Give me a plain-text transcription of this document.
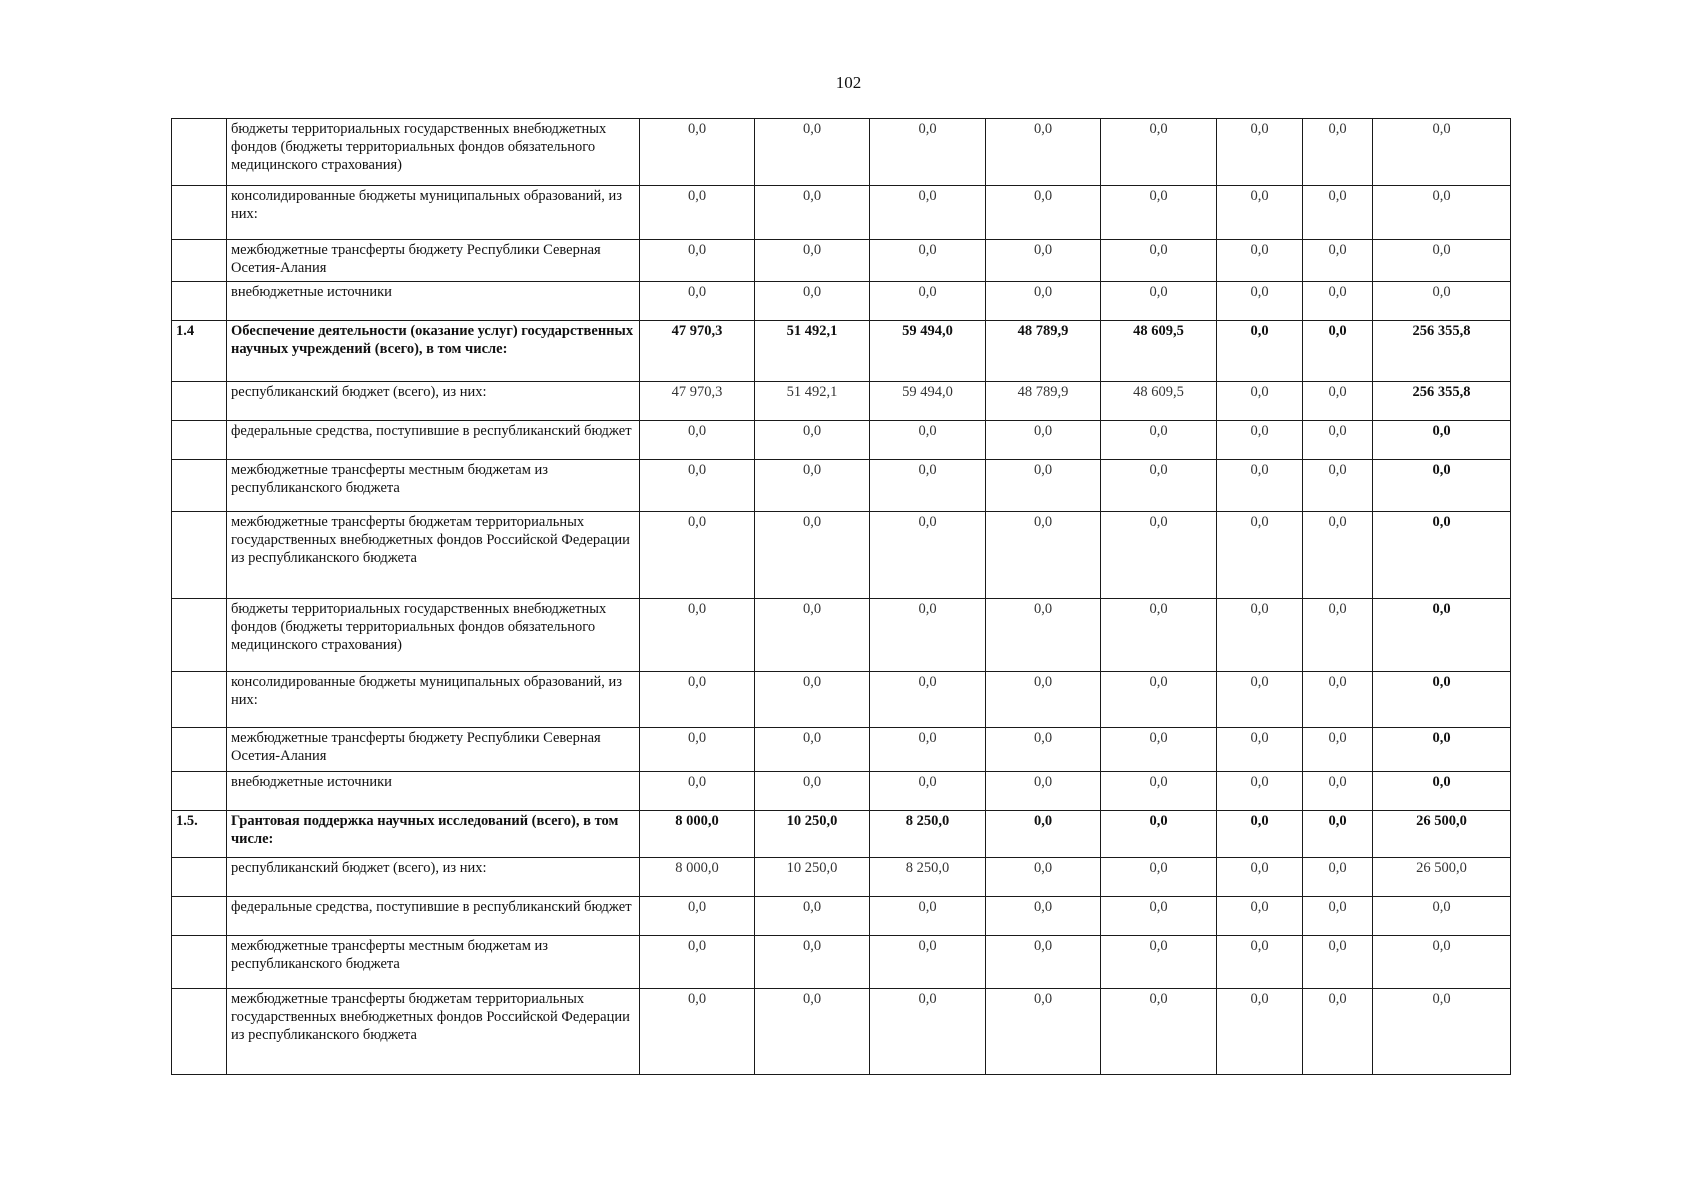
102
	бюджеты территориальных государственных внебюджетных фондов (бюджеты территориальных фондов обязательного медицинского страхования)	0,0	0,0	0,0	0,0	0,0	0,0	0,0	0,0
	консолидированные бюджеты муниципальных образований, из них:	0,0	0,0	0,0	0,0	0,0	0,0	0,0	0,0
	межбюджетные трансферты бюджету Республики Северная Осетия-Алания	0,0	0,0	0,0	0,0	0,0	0,0	0,0	0,0
	внебюджетные источники	0,0	0,0	0,0	0,0	0,0	0,0	0,0	0,0
1.4	Обеспечение деятельности (оказание услуг) государственных научных учреждений (всего), в том числе:	47 970,3	51 492,1	59 494,0	48 789,9	48 609,5	0,0	0,0	256 355,8
	республиканский бюджет (всего), из них:	47 970,3	51 492,1	59 494,0	48 789,9	48 609,5	0,0	0,0	256 355,8
	федеральные средства, поступившие в республиканский бюджет	0,0	0,0	0,0	0,0	0,0	0,0	0,0	0,0
	межбюджетные трансферты местным бюджетам из республиканского бюджета	0,0	0,0	0,0	0,0	0,0	0,0	0,0	0,0
	межбюджетные трансферты бюджетам территориальных государственных внебюджетных фондов Российской Федерации из республиканского бюджета	0,0	0,0	0,0	0,0	0,0	0,0	0,0	0,0
	бюджеты территориальных государственных внебюджетных фондов (бюджеты территориальных фондов обязательного медицинского страхования)	0,0	0,0	0,0	0,0	0,0	0,0	0,0	0,0
	консолидированные бюджеты муниципальных образований, из них:	0,0	0,0	0,0	0,0	0,0	0,0	0,0	0,0
	межбюджетные трансферты бюджету Республики Северная Осетия-Алания	0,0	0,0	0,0	0,0	0,0	0,0	0,0	0,0
	внебюджетные источники	0,0	0,0	0,0	0,0	0,0	0,0	0,0	0,0
1.5.	Грантовая поддержка научных исследований (всего), в том числе:	8 000,0	10 250,0	8 250,0	0,0	0,0	0,0	0,0	26 500,0
	республиканский бюджет (всего), из них:	8 000,0	10 250,0	8 250,0	0,0	0,0	0,0	0,0	26 500,0
	федеральные средства, поступившие в республиканский бюджет	0,0	0,0	0,0	0,0	0,0	0,0	0,0	0,0
	межбюджетные трансферты местным бюджетам из республиканского бюджета	0,0	0,0	0,0	0,0	0,0	0,0	0,0	0,0
	межбюджетные трансферты бюджетам территориальных государственных внебюджетных фондов Российской Федерации из республиканского бюджета	0,0	0,0	0,0	0,0	0,0	0,0	0,0	0,0
